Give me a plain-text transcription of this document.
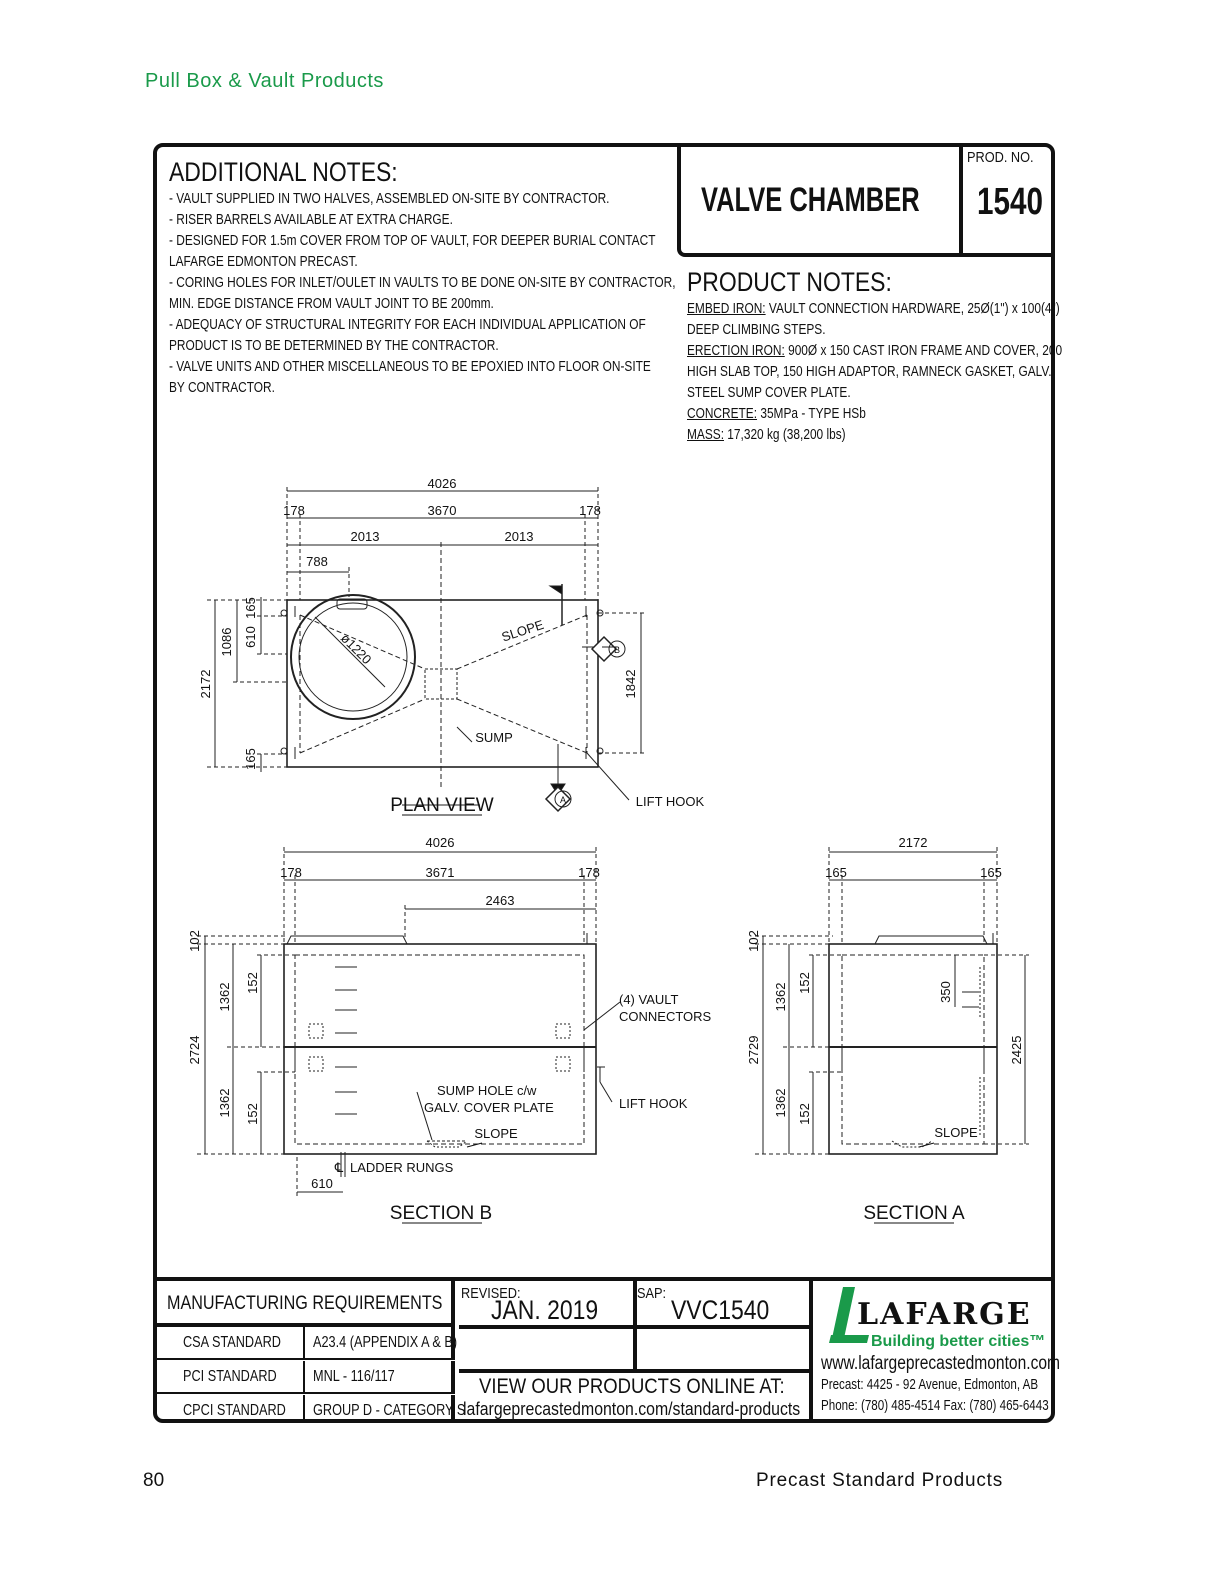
Pull Box & Vault Products
ADDITIONAL NOTES:
- VAULT SUPPLIED IN TWO HALVES, ASSEMBLED ON-SITE BY CONTRACTOR.
- RISER BARRELS AVAILABLE AT EXTRA CHARGE.
- DESIGNED FOR 1.5m COVER FROM TOP OF VAULT, FOR DEEPER BURIAL CONTACT
LAFARGE EDMONTON PRECAST.
- CORING HOLES FOR INLET/OULET IN VAULTS TO BE DONE ON-SITE BY CONTRACTOR,
MIN. EDGE DISTANCE FROM VAULT JOINT TO BE 200mm.
- ADEQUACY OF STRUCTURAL INTEGRITY FOR EACH INDIVIDUAL APPLICATION OF
PRODUCT IS TO BE DETERMINED BY THE CONTRACTOR.
- VALVE UNITS AND OTHER MISCELLANEOUS TO BE EPOXIED INTO FLOOR ON-SITE
BY CONTRACTOR.
VALVE CHAMBER
PROD. NO.
1540
PRODUCT NOTES:
EMBED IRON: VAULT CONNECTION HARDWARE, 25Ø(1") x 100(4")
DEEP CLIMBING STEPS.
ERECTION IRON: 900Ø x 150 CAST IRON FRAME AND COVER, 200
HIGH SLAB TOP, 150 HIGH ADAPTOR, RAMNECK GASKET, GALV.
STEEL SUMP COVER PLATE.
CONCRETE: 35MPa - TYPE HSb
MASS: 17,320 kg (38,200 lbs)
4026
3670
178	178
2013	2013
788
2172
1086 610
165
165
1842
ø1220	SLOPE
SUMP
LIFT HOOK
A
B
PLAN VIEW
4026
3671
178	178
2463
102
1362 152
2724
1362 152
610
(4) VAULT
CONNECTORS
LIFT HOOK
SUMP HOLE c/w
GALV. COVER PLATE
SLOPE
℄ LADDER RUNGS
SECTION B
2172
165	165
102
1362 152
2729
1362 152
350
2425
SLOPE
SECTION A
MANUFACTURING REQUIREMENTS
CSA STANDARD A23.4 (APPENDIX A & B)
PCI STANDARD MNL - 116/117
CPCI STANDARD GROUP D - CATEGORY S
REVISED:
JAN. 2019
SAP:
VVC1540
VIEW OUR PRODUCTS ONLINE AT:
lafargeprecastedmonton.com/standard-products
LAFARGE
Building better cities™
www.lafargeprecastedmonton.com
Precast: 4425 - 92 Avenue, Edmonton, AB
Phone: (780) 485-4514 Fax: (780) 465-6443
80	Precast Standard Products
